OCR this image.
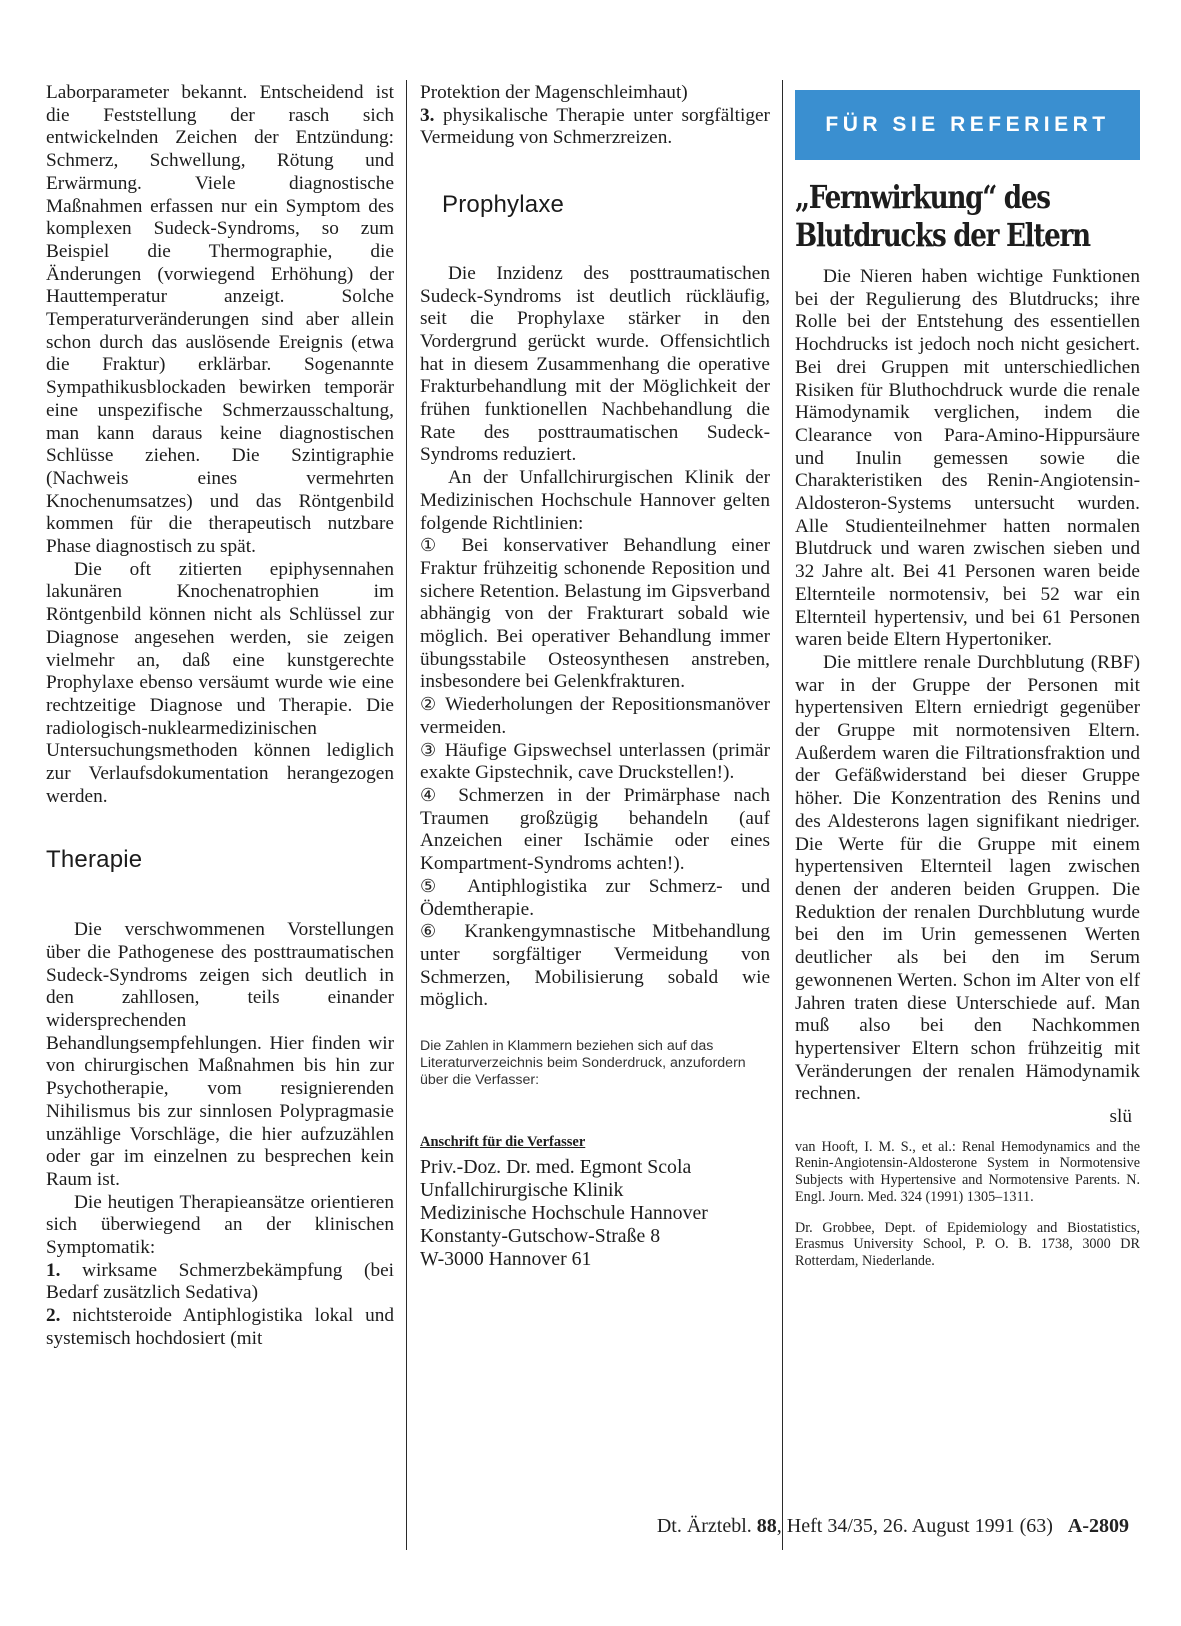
Laborparameter bekannt. Entscheidend ist die Feststellung der rasch sich entwickelnden Zeichen der Entzündung: Schmerz, Schwellung, Rötung und Erwärmung. Viele diagnostische Maßnahmen erfassen nur ein Symptom des komplexen Sudeck-Syndroms, so zum Beispiel die Thermographie, die Änderungen (vorwiegend Erhöhung) der Hauttemperatur anzeigt. Solche Temperaturveränderungen sind aber allein schon durch das auslösende Ereignis (etwa die Fraktur) erklärbar. Sogenannte Sympathikusblockaden bewirken temporär eine unspezifische Schmerzausschaltung, man kann daraus keine diagnostischen Schlüsse ziehen. Die Szintigraphie (Nachweis eines vermehrten Knochenumsatzes) und das Röntgenbild kommen für die therapeutisch nutzbare Phase diagnostisch zu spät.

Die oft zitierten epiphysennahen lakunären Knochenatrophien im Röntgenbild können nicht als Schlüssel zur Diagnose angesehen werden, sie zeigen vielmehr an, daß eine kunstgerechte Prophylaxe ebenso versäumt wurde wie eine rechtzeitige Diagnose und Therapie. Die radiologisch-nuklearmedizinischen Untersuchungsmethoden können lediglich zur Verlaufsdokumentation herangezogen werden.

Therapie

Die verschwommenen Vorstellungen über die Pathogenese des posttraumatischen Sudeck-Syndroms zeigen sich deutlich in den zahllosen, teils einander widersprechenden Behandlungsempfehlungen. Hier finden wir von chirurgischen Maßnahmen bis hin zur Psychotherapie, vom resignierenden Nihilismus bis zur sinnlosen Polypragmasie unzählige Vorschläge, die hier aufzuzählen oder gar im einzelnen zu besprechen kein Raum ist.

Die heutigen Therapieansätze orientieren sich überwiegend an der klinischen Symptomatik:

1. wirksame Schmerzbekämpfung (bei Bedarf zusätzlich Sedativa)

2. nichtsteroide Antiphlogistika lokal und systemisch hochdosiert (mit

Protektion der Magenschleimhaut)

3. physikalische Therapie unter sorgfältiger Vermeidung von Schmerzreizen.

Prophylaxe

Die Inzidenz des posttraumatischen Sudeck-Syndroms ist deutlich rückläufig, seit die Prophylaxe stärker in den Vordergrund gerückt wurde. Offensichtlich hat in diesem Zusammenhang die operative Frakturbehandlung mit der Möglichkeit der frühen funktionellen Nachbehandlung die Rate des posttraumatischen Sudeck-Syndroms reduziert.

An der Unfallchirurgischen Klinik der Medizinischen Hochschule Hannover gelten folgende Richtlinien:

① Bei konservativer Behandlung einer Fraktur frühzeitig schonende Reposition und sichere Retention. Belastung im Gipsverband abhängig von der Frakturart sobald wie möglich. Bei operativer Behandlung immer übungsstabile Osteosynthesen anstreben, insbesondere bei Gelenkfrakturen.

② Wiederholungen der Repositionsmanöver vermeiden.

③ Häufige Gipswechsel unterlassen (primär exakte Gipstechnik, cave Druckstellen!).

④ Schmerzen in der Primärphase nach Traumen großzügig behandeln (auf Anzeichen einer Ischämie oder eines Kompartment-Syndroms achten!).

⑤ Antiphlogistika zur Schmerz- und Ödemtherapie.

⑥ Krankengymnastische Mitbehandlung unter sorgfältiger Vermeidung von Schmerzen, Mobilisierung sobald wie möglich.

Die Zahlen in Klammern beziehen sich auf das Literaturverzeichnis beim Sonderdruck, anzufordern über die Verfasser:

Anschrift für die Verfasser

Priv.-Doz. Dr. med. Egmont Scola
Unfallchirurgische Klinik
Medizinische Hochschule Hannover
Konstanty-Gutschow-Straße 8
W-3000 Hannover 61
FÜR SIE REFERIERT
„Fernwirkung“ des
Blutdrucks der Eltern

Die Nieren haben wichtige Funktionen bei der Regulierung des Blutdrucks; ihre Rolle bei der Entstehung des essentiellen Hochdrucks ist jedoch noch nicht gesichert. Bei drei Gruppen mit unterschiedlichen Risiken für Bluthochdruck wurde die renale Hämodynamik verglichen, indem die Clearance von Para-Amino-Hippursäure und Inulin gemessen sowie die Charakteristiken des Renin-Angiotensin-Aldosteron-Systems untersucht wurden. Alle Studienteilnehmer hatten normalen Blutdruck und waren zwischen sieben und 32 Jahre alt. Bei 41 Personen waren beide Elternteile normotensiv, bei 52 war ein Elternteil hypertensiv, und bei 61 Personen waren beide Eltern Hypertoniker.

Die mittlere renale Durchblutung (RBF) war in der Gruppe der Personen mit hypertensiven Eltern erniedrigt gegenüber der Gruppe mit normotensiven Eltern. Außerdem waren die Filtrationsfraktion und der Gefäßwiderstand bei dieser Gruppe höher. Die Konzentration des Renins und des Aldesterons lagen signifikant niedriger. Die Werte für die Gruppe mit einem hypertensiven Elternteil lagen zwischen denen der anderen beiden Gruppen. Die Reduktion der renalen Durchblutung wurde bei den im Urin gemessenen Werten deutlicher als bei den im Serum gewonnenen Werten. Schon im Alter von elf Jahren traten diese Unterschiede auf. Man muß also bei den Nachkommen hypertensiver Eltern schon frühzeitig mit Veränderungen der renalen Hämodynamik rechnen.

slü

van Hooft, I. M. S., et al.: Renal Hemodynamics and the Renin-Angiotensin-Aldosterone System in Normotensive Subjects with Hypertensive and Normotensive Parents. N. Engl. Journ. Med. 324 (1991) 1305–1311.

Dr. Grobbee, Dept. of Epidemiology and Biostatistics, Erasmus University School, P. O. B. 1738, 3000 DR Rotterdam, Niederlande.

Dt. Ärztebl. 88, Heft 34/35, 26. August 1991 (63) A-2809
